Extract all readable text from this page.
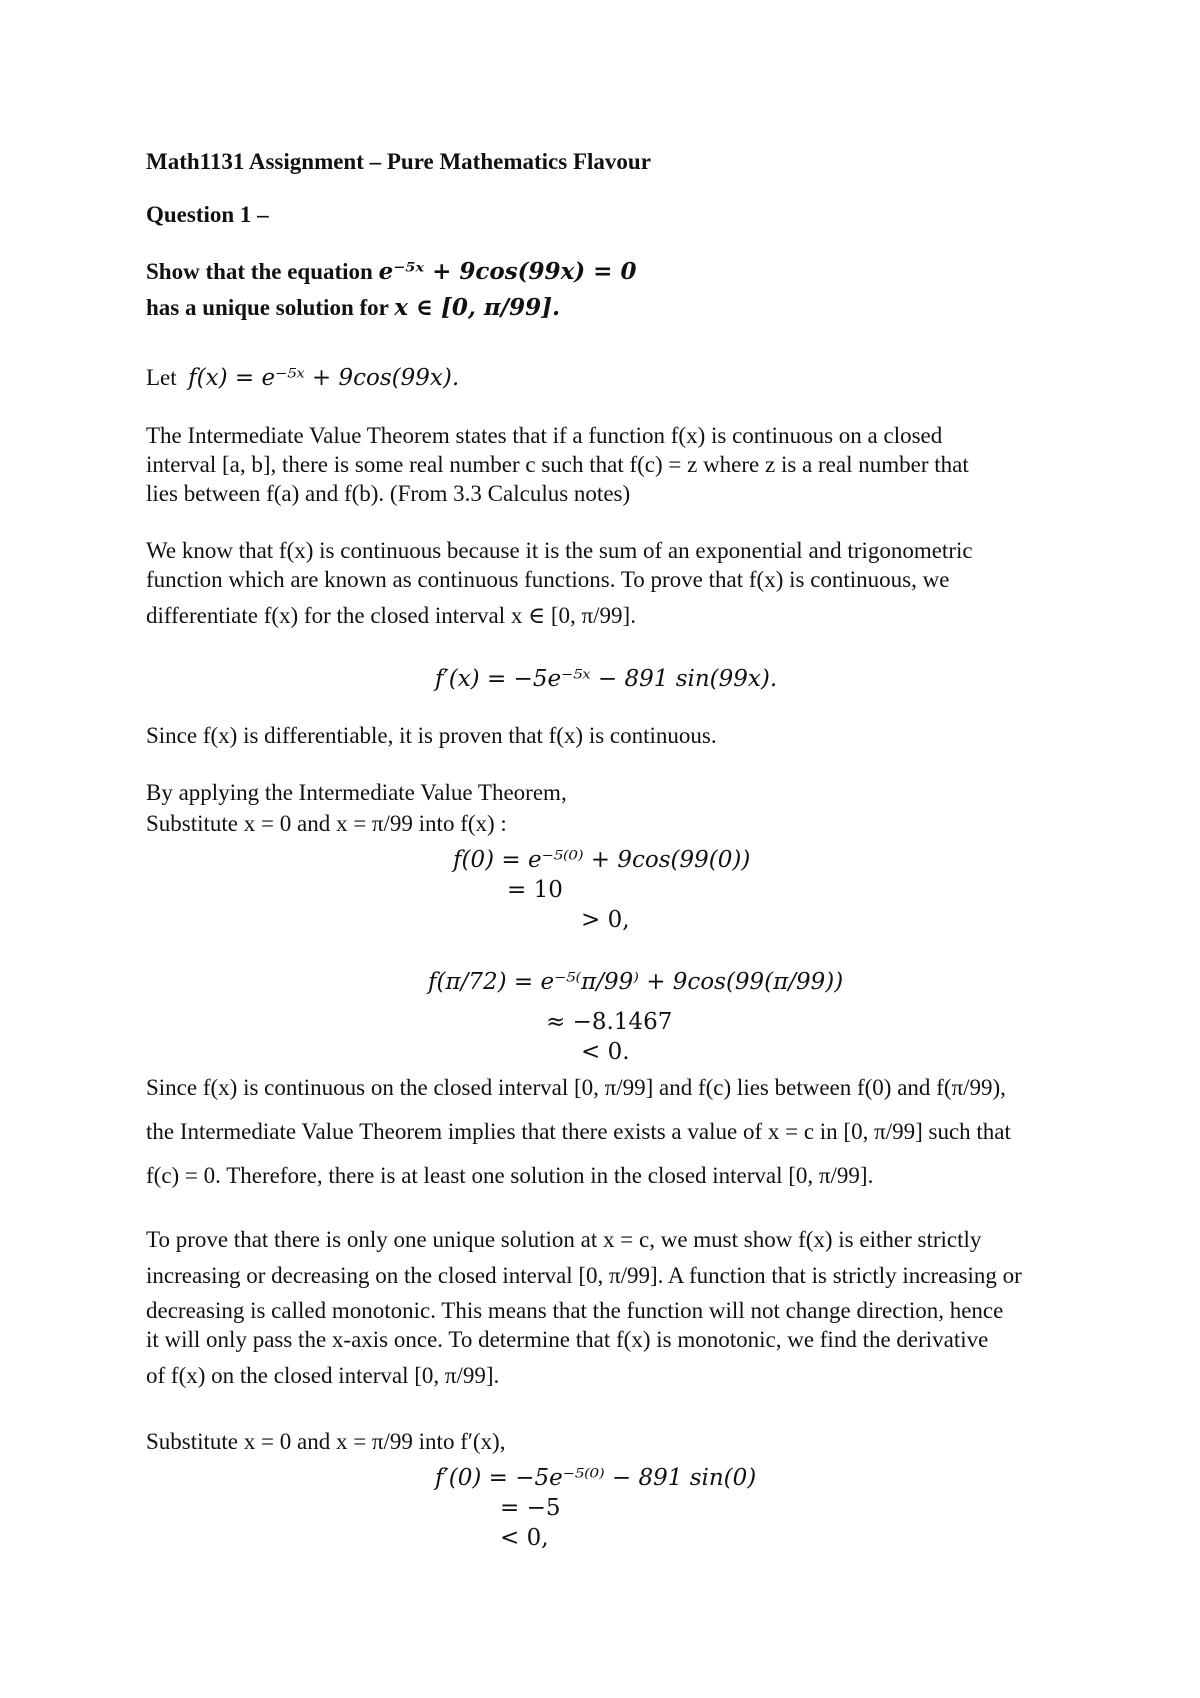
Math1131 Assignment – Pure Mathematics Flavour
Question 1 –
Show that the equation e⁻⁵ˣ + 9cos(99x) = 0
has a unique solution for x ∈ [0, π/99].
Let f(x) = e⁻⁵ˣ + 9cos(99x).
The Intermediate Value Theorem states that if a function f(x) is continuous on a closed
interval [a, b], there is some real number c such that f(c) = z where z is a real number that
lies between f(a) and f(b). (From 3.3 Calculus notes)
We know that f(x) is continuous because it is the sum of an exponential and trigonometric
function which are known as continuous functions. To prove that f(x) is continuous, we
differentiate f(x) for the closed interval x ∈ [0, π/99].
f′(x) = −5e⁻⁵ˣ − 891 sin(99x).
Since f(x) is differentiable, it is proven that f(x) is continuous.
By applying the Intermediate Value Theorem,
Substitute x = 0 and x = π/99 into f(x) :
f(0) = e⁻⁵⁽⁰⁾ + 9cos(99(0))
= 10
> 0,
f(π/72) = e⁻⁵⁽π/99⁾ + 9cos(99(π/99))
≈ −8.1467
< 0.
Since f(x) is continuous on the closed interval [0, π/99] and f(c) lies between f(0) and f(π/99),
the Intermediate Value Theorem implies that there exists a value of x = c in [0, π/99] such that
f(c) = 0. Therefore, there is at least one solution in the closed interval [0, π/99].
To prove that there is only one unique solution at x = c, we must show f(x) is either strictly
increasing or decreasing on the closed interval [0, π/99]. A function that is strictly increasing or
decreasing is called monotonic. This means that the function will not change direction, hence
it will only pass the x-axis once. To determine that f(x) is monotonic, we find the derivative
of f(x) on the closed interval [0, π/99].
Substitute x = 0 and x = π/99 into f′(x),
f′(0) = −5e⁻⁵⁽⁰⁾ − 891 sin(0)
= −5
< 0,
